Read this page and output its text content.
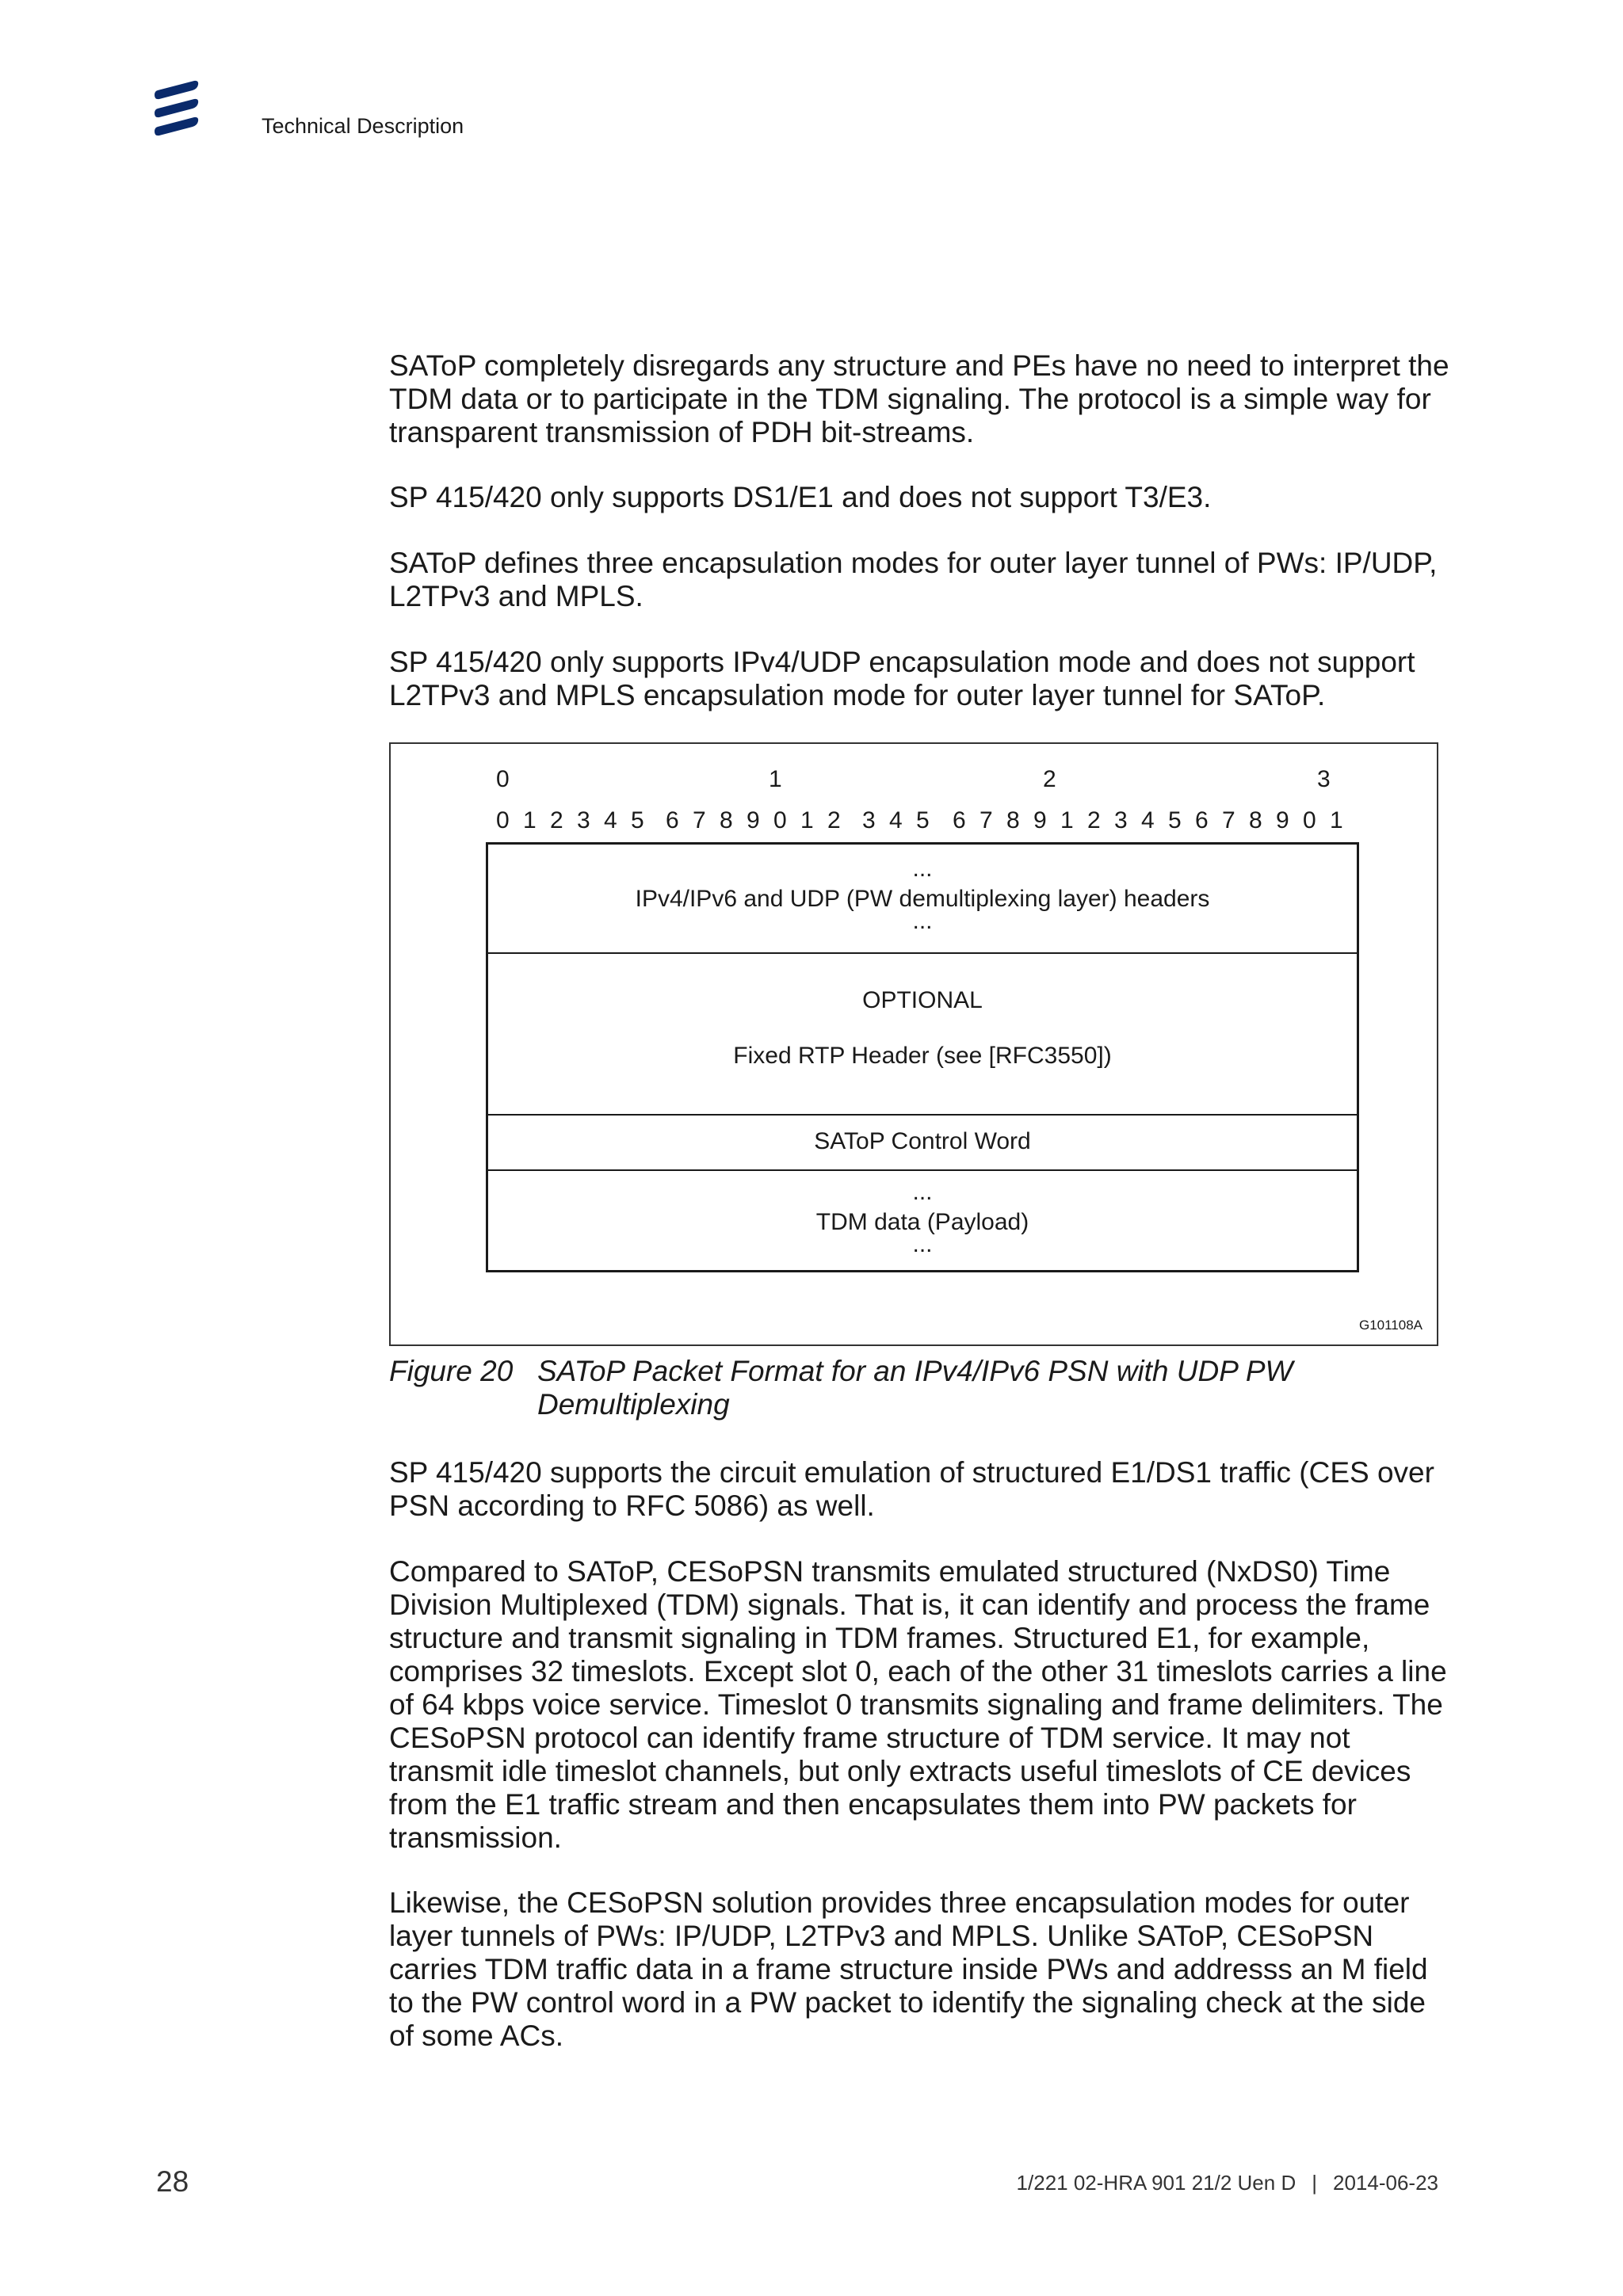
Technical Description

SAToP completely disregards any structure and PEs have no need to interpret the TDM data or to participate in the TDM signaling. The protocol is a simple way for transparent transmission of PDH bit-streams.

SP 415/420 only supports DS1/E1 and does not support T3/E3.

SAToP defines three encapsulation modes for outer layer tunnel of PWs: IP/UDP, L2TPv3 and MPLS.

SP 415/420 only supports IPv4/UDP encapsulation mode and does not support L2TPv3 and MPLS encapsulation mode for outer layer tunnel for SAToP.

G101108A
0	1	2	3
0 1 2 3 4 5 6 7 8 9 0 1 2 3 4 5 6 7 8 9 1 2 3 4 5 6 7 8 9 0 1
...
IPv4/IPv6 and UDP (PW demultiplexing layer) headers
...
OPTIONAL
Fixed RTP Header (see [RFC3550])
SAToP Control Word
...
TDM data (Payload)
...
Figure 20 SAToP Packet Format for an IPv4/IPv6 PSN with UDP PW Demultiplexing

SP 415/420 supports the circuit emulation of structured E1/DS1 traffic (CES over PSN according to RFC 5086) as well.

Compared to SAToP, CESoPSN transmits emulated structured (NxDS0) Time Division Multiplexed (TDM) signals. That is, it can identify and process the frame structure and transmit signaling in TDM frames. Structured E1, for example, comprises 32 timeslots. Except slot 0, each of the other 31 timeslots carries a line of 64 kbps voice service. Timeslot 0 transmits signaling and frame delimiters. The CESoPSN protocol can identify frame structure of TDM service. It may not transmit idle timeslot channels, but only extracts useful timeslots of CE devices from the E1 traffic stream and then encapsulates them into PW packets for transmission.

Likewise, the CESoPSN solution provides three encapsulation modes for outer layer tunnels of PWs: IP/UDP, L2TPv3 and MPLS. Unlike SAToP, CESoPSN carries TDM traffic data in a frame structure inside PWs and addresss an M field to the PW control word in a PW packet to identify the signaling check at the side of some ACs.

28	1/221 02-HRA 901 21/2 Uen D | 2014-06-23
